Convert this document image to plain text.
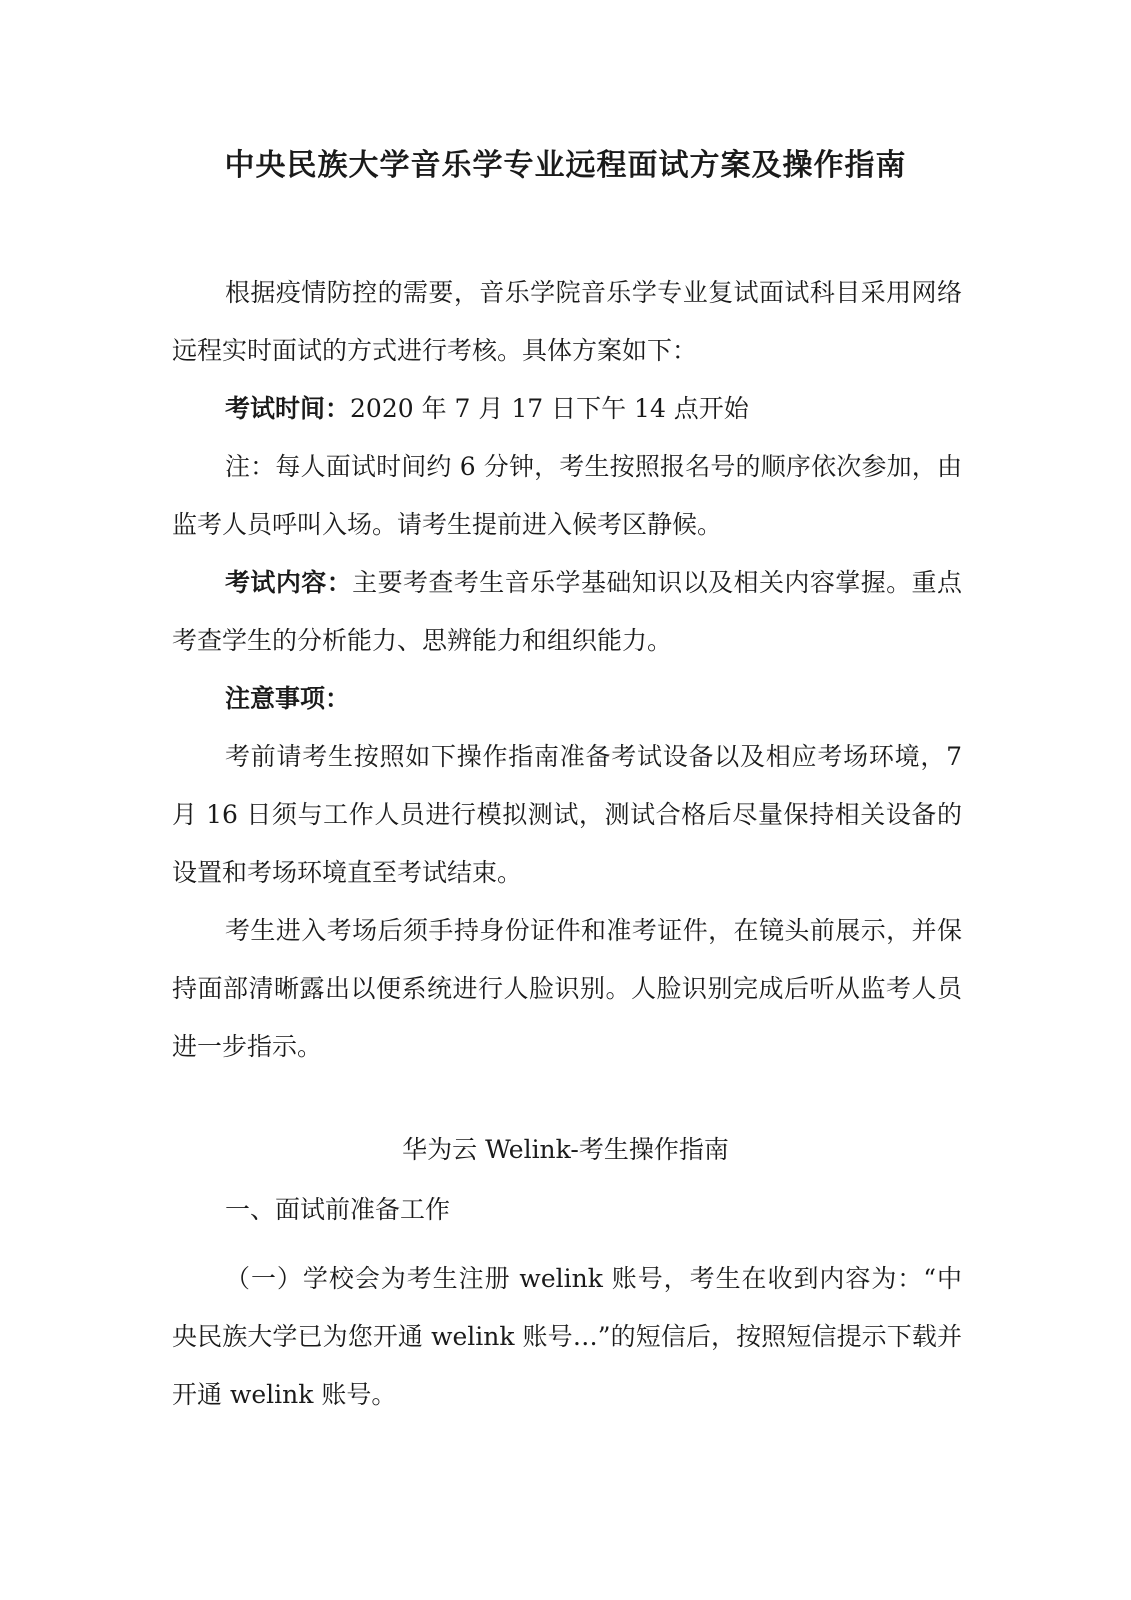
中央民族大学音乐学专业远程面试方案及操作指南

根据疫情防控的需要，音乐学院音乐学专业复试面试科目采用网络远程实时面试的方式进行考核。具体方案如下：

考试时间：2020 年 7 月 17 日下午 14 点开始

注：每人面试时间约 6 分钟，考生按照报名号的顺序依次参加，由监考人员呼叫入场。请考生提前进入候考区静候。

考试内容：主要考查考生音乐学基础知识以及相关内容掌握。重点考查学生的分析能力、思辨能力和组织能力。

注意事项：

考前请考生按照如下操作指南准备考试设备以及相应考场环境，7 月 16 日须与工作人员进行模拟测试，测试合格后尽量保持相关设备的设置和考场环境直至考试结束。

考生进入考场后须手持身份证件和准考证件，在镜头前展示，并保持面部清晰露出以便系统进行人脸识别。人脸识别完成后听从监考人员进一步指示。

华为云 Welink-考生操作指南
一、面试前准备工作

（一）学校会为考生注册 welink 账号，考生在收到内容为：“中央民族大学已为您开通 welink 账号…”的短信后，按照短信提示下载并开通 welink 账号。
